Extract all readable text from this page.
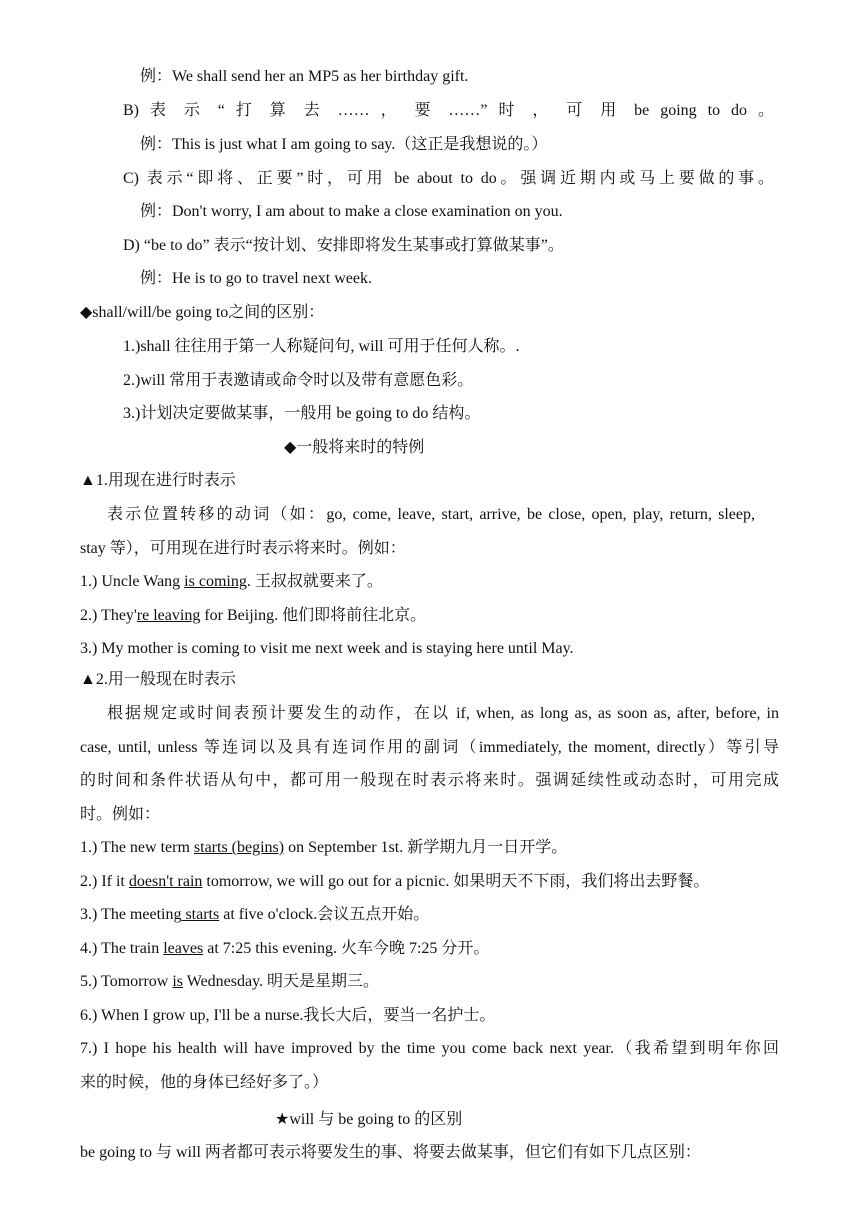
例：We shall send her an MP5 as her birthday gift.
B) 表 示 “ 打 算 去 …… ， 要 ……” 时 ， 可 用 be going to do 。
例：This is just what I am going to say.（这正是我想说的。）
C) 表示“即将、正要”时，可用 be about to do。强调近期内或马上要做的事。
例：Don't worry, I am about to make a close examination on you.
D) “be to do” 表示“按计划、安排即将发生某事或打算做某事”。
例：He is to go to travel next week.
◆shall/will/be going to之间的区别：
1.)shall 往往用于第一人称疑问句, will 可用于任何人称。.
2.)will 常用于表邀请或命令时以及带有意愿色彩。
3.)计划决定要做某事，一般用 be going to do 结构。
◆一般将来时的特例
▲1.用现在进行时表示
表示位置转移的动词（如：go, come, leave, start, arrive, be close, open, play, return, sleep,
stay 等），可用现在进行时表示将来时。例如：
1.) Uncle Wang is coming. 王叔叔就要来了。
2.) They're leaving for Beijing. 他们即将前往北京。
3.) My mother is coming to visit me next week and is staying here until May.
▲2.用一般现在时表示
根据规定或时间表预计要发生的动作，在以 if, when, as long as, as soon as, after, before, in
case, until, unless 等连词以及具有连词作用的副词（immediately, the moment, directly）等引导
的时间和条件状语从句中，都可用一般现在时表示将来时。强调延续性或动态时，可用完成
时。例如：
1.) The new term starts (begins) on September 1st. 新学期九月一日开学。
2.) If it doesn't rain tomorrow, we will go out for a picnic. 如果明天不下雨，我们将出去野餐。
3.) The meeting starts at five o'clock.会议五点开始。
4.) The train leaves at 7:25 this evening. 火车今晚 7:25 分开。
5.) Tomorrow is Wednesday. 明天是星期三。
6.) When I grow up, I'll be a nurse.我长大后，要当一名护士。
7.) I hope his health will have improved by the time you come back next year.（我希望到明年你回
来的时候，他的身体已经好多了。）
★will 与 be going to 的区别
be going to 与 will 两者都可表示将要发生的事、将要去做某事，但它们有如下几点区别：
